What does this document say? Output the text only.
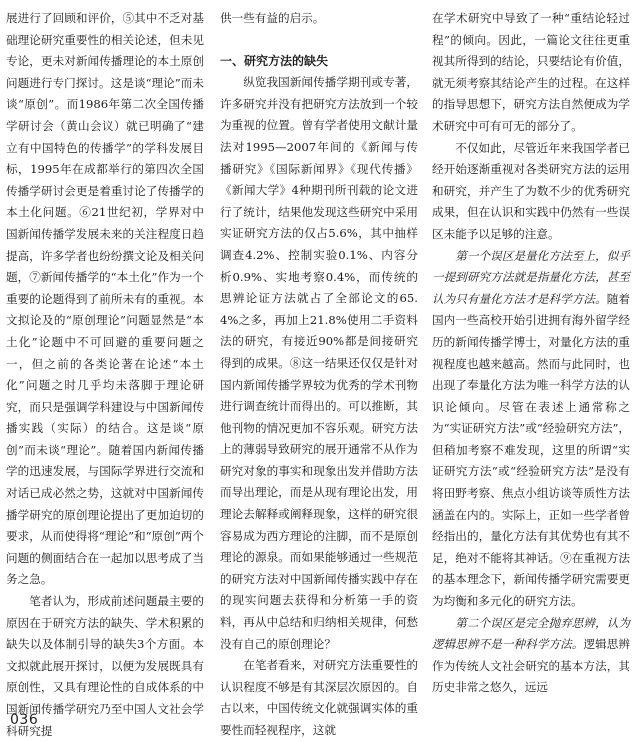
展进行了回顾和评价，⑤其中不乏对基础理论研究重要性的相关论述，但未见专论，更未对新闻传播理论的本土原创问题进行专门探讨。这是谈“理论”而未谈“原创”。而1986年第二次全国传播学研讨会（黄山会议）就已明确了“建立有中国特色的传播学”的学科发展目标，1995年在成都举行的第四次全国传播学研讨会更是着重讨论了传播学的本土化问题。⑥21世纪初，学界对中国新闻传播学发展未来的关注程度日趋提高，许多学者也纷纷撰文论及相关问题，⑦新闻传播学的“本土化”作为一个重要的论题得到了前所未有的重视。本文拟论及的“原创理论”问题显然是“本土化”论题中不可回避的重要问题之一，但之前的各类论著在论述“本土化”问题之时几乎均未落脚于理论研究，而只是强调学科建设与中国新闻传播实践（实际）的结合。这是谈“原创”而未谈“理论”。随着国内新闻传播学的迅速发展，与国际学界进行交流和对话已成必然之势，这就对中国新闻传播学研究的原创理论提出了更加迫切的要求，从而使得将“理论”和“原创”两个问题的侧面结合在一起加以思考成了当务之急。

笔者认为，形成前述问题最主要的原因在于研究方法的缺失、学术积累的缺失以及体制引导的缺失3个方面。本文拟就此展开探讨，以便为发展既具有原创性，又具有理论性的自成体系的中国新闻传播学研究乃至中国人文社会学科研究提

供一些有益的启示。

一、研究方法的缺失

纵览我国新闻传播学期刊或专著，许多研究并没有把研究方法放到一个较为重视的位置。曾有学者使用文献计量法对1995—2007年间的《新闻与传播研究》《国际新闻界》《现代传播》《新闻大学》4种期刊所刊载的论文进行了统计，结果他发现这些研究中采用实证研究方法的仅占5.6%，其中抽样调查4.2%、控制实验0.1%、内容分析0.9%、实地考察0.4%，而传统的思辨论证方法就占了全部论文的65.4%之多，再加上21.8%使用二手资料法的研究，有接近90%都是间接研究得到的成果。⑧这一结果还仅仅是针对国内新闻传播学界较为优秀的学术刊物进行调查统计而得出的。可以推断，其他刊物的情况更加不容乐观。研究方法上的薄弱导致研究的展开通常不从作为研究对象的事实和现象出发并借助方法而导出理论，而是从现有理论出发，用理论去解释或阐释现象，这样的研究很容易成为西方理论的注脚，而不是原创理论的源泉。而如果能够通过一些规范的研究方法对中国新闻传播实践中存在的现实问题去获得和分析第一手的资料，再从中总结和归纳相关规律，何愁没有自己的原创理论？

在笔者看来，对研究方法重要性的认识程度不够是有其深层次原因的。自古以来，中国传统文化就强调实体的重要性而轻视程序，这就

在学术研究中导致了一种“重结论轻过程”的倾向。因此，一篇论文往往更重视其所得到的结论，只要结论有价值，就无须考察其结论产生的过程。在这样的指导思想下，研究方法自然便成为学术研究中可有可无的部分了。

不仅如此，尽管近年来我国学者已经开始逐渐重视对各类研究方法的运用和研究，并产生了为数不少的优秀研究成果，但在认识和实践中仍然有一些误区未能予以足够的注意。

第一个误区是量化方法至上，似乎一提到研究方法就是指量化方法，甚至认为只有量化方法才是科学方法。随着国内一些高校开始引进拥有海外留学经历的新闻传播学博士，对量化方法的重视程度也越来越高。然而与此同时，也出现了奉量化方法为唯一科学方法的认识论倾向。尽管在表述上通常称之为“实证研究方法”或“经验研究方法”，但稍加考察不难发现，这里的所谓“实证研究方法”或“经验研究方法”是没有将田野考察、焦点小组访谈等质性方法涵盖在内的。实际上，正如一些学者曾经指出的，量化方法有其优势也有其不足，绝对不能将其神话。⑨在重视方法的基本理念下，新闻传播学研究需要更为均衡和多元化的研究方法。

第二个误区是完全抛弃思辨，认为逻辑思辨不是一种科学方法。逻辑思辨作为传统人文社会研究的基本方法，其历史非常之悠久，远远

036
